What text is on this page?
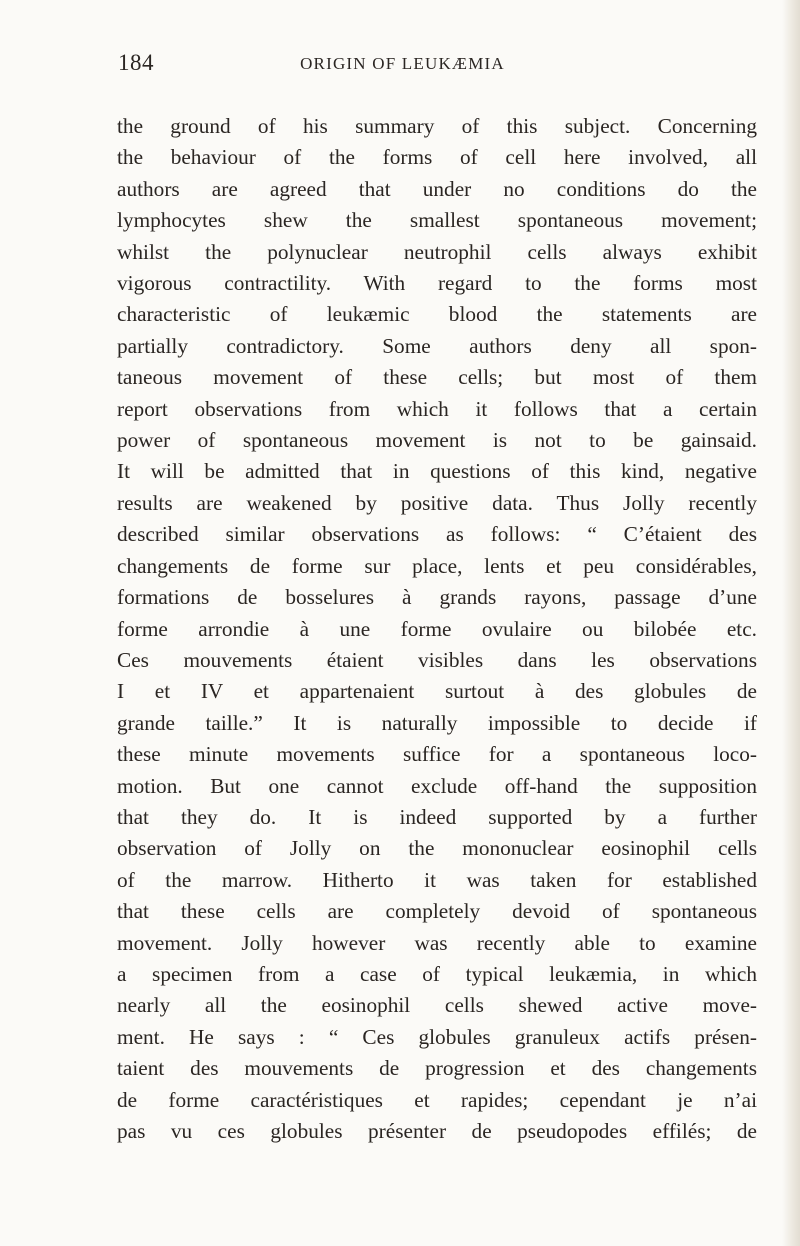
184	ORIGIN OF LEUKÆMIA
the ground of his summary of this subject. Concerning
the behaviour of the forms of cell here involved, all
authors are agreed that under no conditions do the
lymphocytes shew the smallest spontaneous movement;
whilst the polynuclear neutrophil cells always exhibit
vigorous contractility. With regard to the forms most
characteristic of leukæmic blood the statements are
partially contradictory. Some authors deny all spon-
taneous movement of these cells; but most of them
report observations from which it follows that a certain
power of spontaneous movement is not to be gainsaid.
It will be admitted that in questions of this kind, negative
results are weakened by positive data. Thus Jolly recently
described similar observations as follows: “ C’étaient des
changements de forme sur place, lents et peu considérables,
formations de bosselures à grands rayons, passage d’une
forme arrondie à une forme ovulaire ou bilobée etc.
Ces mouvements étaient visibles dans les observations
I et IV et appartenaient surtout à des globules de
grande taille.” It is naturally impossible to decide if
these minute movements suffice for a spontaneous loco-
motion. But one cannot exclude off-hand the supposition
that they do. It is indeed supported by a further
observation of Jolly on the mononuclear eosinophil cells
of the marrow. Hitherto it was taken for established
that these cells are completely devoid of spontaneous
movement. Jolly however was recently able to examine
a specimen from a case of typical leukæmia, in which
nearly all the eosinophil cells shewed active move-
ment. He says : “ Ces globules granuleux actifs présen-
taient des mouvements de progression et des changements
de forme caractéristiques et rapides; cependant je n’ai
pas vu ces globules présenter de pseudopodes effilés; de
